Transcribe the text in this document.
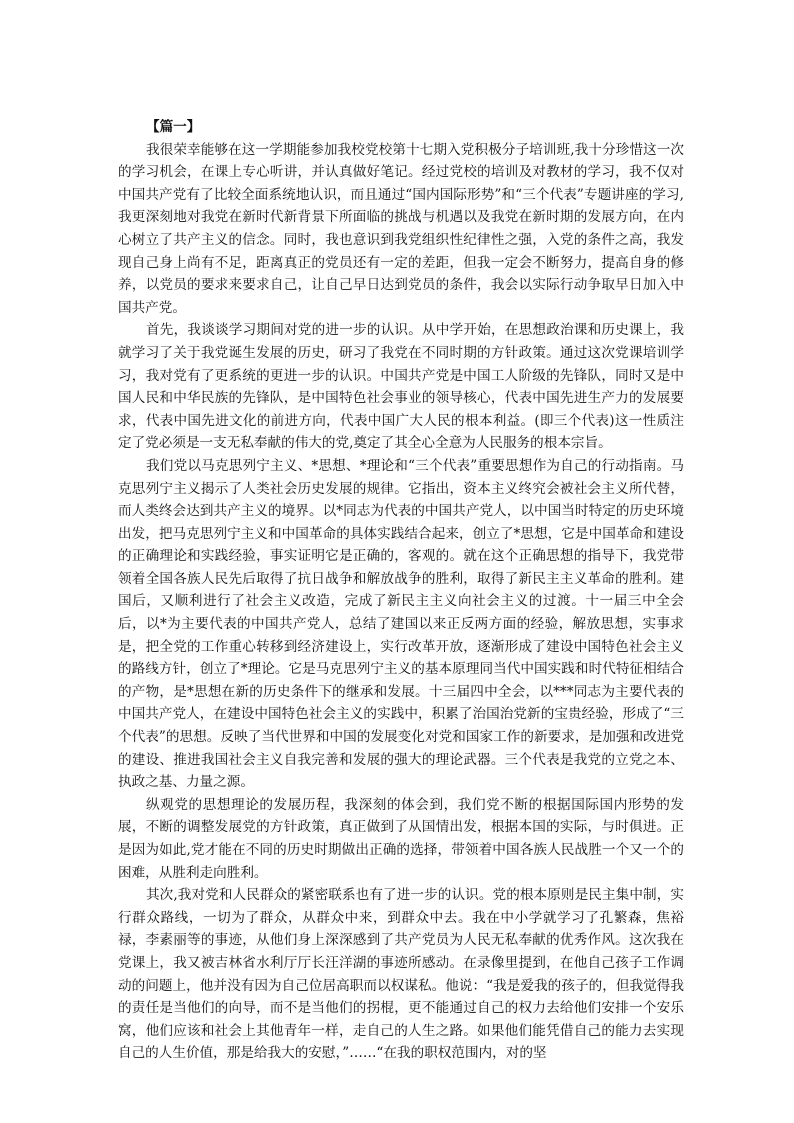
【篇一】

我很荣幸能够在这一学期能参加我校党校第十七期入党积极分子培训班,我十分珍惜这一次的学习机会，在课上专心听讲，并认真做好笔记。经过党校的培训及对教材的学习，我不仅对中国共产党有了比较全面系统地认识，而且通过“国内国际形势”和“三个代表”专题讲座的学习,我更深刻地对我党在新时代新背景下所面临的挑战与机遇以及我党在新时期的发展方向，在内心树立了共产主义的信念。同时，我也意识到我党组织性纪律性之强，入党的条件之高，我发现自己身上尚有不足，距离真正的党员还有一定的差距，但我一定会不断努力，提高自身的修养，以党员的要求来要求自己，让自己早日达到党员的条件，我会以实际行动争取早日加入中国共产党。

首先，我谈谈学习期间对党的进一步的认识。从中学开始，在思想政治课和历史课上，我就学习了关于我党诞生发展的历史，研习了我党在不同时期的方针政策。通过这次党课培训学习，我对党有了更系统的更进一步的认识。中国共产党是中国工人阶级的先锋队，同时又是中国人民和中华民族的先锋队，是中国特色社会事业的领导核心，代表中国先进生产力的发展要求，代表中国先进文化的前进方向，代表中国广大人民的根本利益。(即三个代表)这一性质注定了党必须是一支无私奉献的伟大的党,奠定了其全心全意为人民服务的根本宗旨。

我们党以马克思列宁主义、*思想、*理论和“三个代表”重要思想作为自己的行动指南。马克思列宁主义揭示了人类社会历史发展的规律。它指出，资本主义终究会被社会主义所代替，而人类终会达到共产主义的境界。以*同志为代表的中国共产党人，以中国当时特定的历史环境出发，把马克思列宁主义和中国革命的具体实践结合起来，创立了*思想，它是中国革命和建设的正确理论和实践经验，事实证明它是正确的，客观的。就在这个正确思想的指导下，我党带领着全国各族人民先后取得了抗日战争和解放战争的胜利，取得了新民主主义革命的胜利。建国后，又顺利进行了社会主义改造，完成了新民主主义向社会主义的过渡。十一届三中全会后，以*为主要代表的中国共产党人，总结了建国以来正反两方面的经验，解放思想，实事求是，把全党的工作重心转移到经济建设上，实行改革开放，逐渐形成了建设中国特色社会主义的路线方针，创立了*理论。它是马克思列宁主义的基本原理同当代中国实践和时代特征相结合的产物，是*思想在新的历史条件下的继承和发展。十三届四中全会，以***同志为主要代表的中国共产党人，在建设中国特色社会主义的实践中，积累了治国治党新的宝贵经验，形成了“三个代表”的思想。反映了当代世界和中国的发展变化对党和国家工作的新要求，是加强和改进党的建设、推进我国社会主义自我完善和发展的强大的理论武器。三个代表是我党的立党之本、执政之基、力量之源。

纵观党的思想理论的发展历程，我深刻的体会到，我们党不断的根据国际国内形势的发展，不断的调整发展党的方针政策，真正做到了从国情出发，根据本国的实际，与时俱进。正是因为如此,党才能在不同的历史时期做出正确的选择，带领着中国各族人民战胜一个又一个的困难，从胜利走向胜利。

其次,我对党和人民群众的紧密联系也有了进一步的认识。党的根本原则是民主集中制，实行群众路线，一切为了群众，从群众中来，到群众中去。我在中小学就学习了孔繁森，焦裕禄，李素丽等的事迹，从他们身上深深感到了共产党员为人民无私奉献的优秀作风。这次我在党课上，我又被吉林省水利厅厅长汪洋湖的事迹所感动。在录像里提到，在他自己孩子工作调动的问题上，他并没有因为自己位居高职而以权谋私。他说：“我是爱我的孩子的，但我觉得我的责任是当他们的向导，而不是当他们的拐棍，更不能通过自己的权力去给他们安排一个安乐窝，他们应该和社会上其他青年一样，走自己的人生之路。如果他们能凭借自己的能力去实现自己的人生价值，那是给我大的安慰，”……“在我的职权范围内，对的坚
